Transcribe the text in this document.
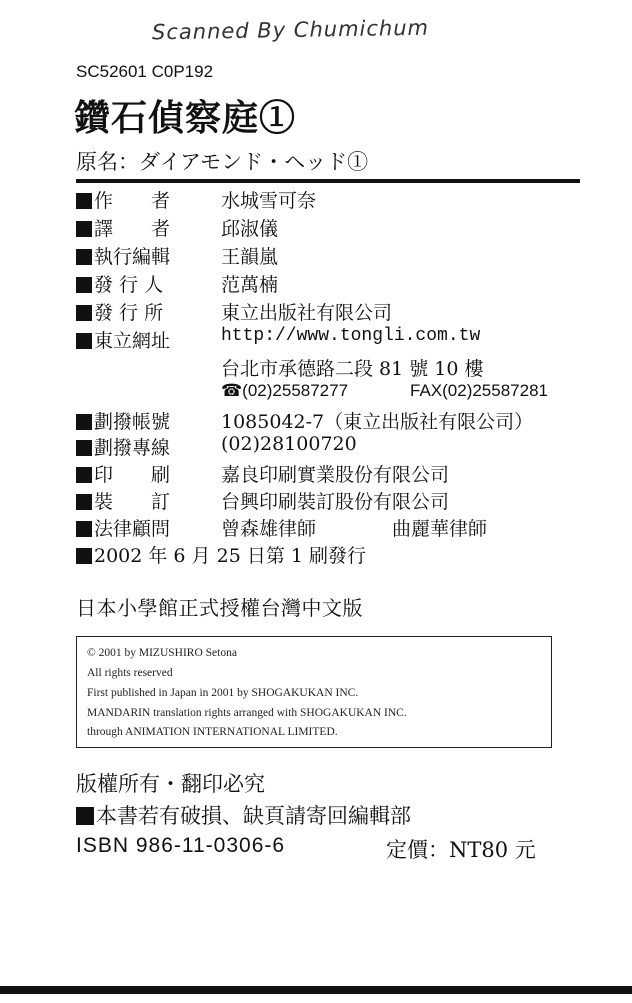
Scanned By Chumichum
SC52601 C0P192
鑽石偵察庭①
原名：ダイアモンド・ヘッド①
作　　者	水城雪可奈
譯　　者	邱淑儀
執行編輯	王韻嵐
發 行 人	范萬楠
發 行 所	東立出版社有限公司
東立網址	http://www.tongli.com.tw
台北市承德路二段 81 號 10 樓
☎(02)25587277	FAX(02)25587281
劃撥帳號	1085042-7（東立出版社有限公司）
劃撥專線	(02)28100720
印　　刷	嘉良印刷實業股份有限公司
裝　　訂	台興印刷裝訂股份有限公司
法律顧問	曾森雄律師	曲麗華律師
2002 年 6 月 25 日第 1 刷發行
日本小學館正式授權台灣中文版
© 2001 by MIZUSHIRO Setona
All rights reserved
First published in Japan in 2001 by SHOGAKUKAN INC.
MANDARIN translation rights arranged with SHOGAKUKAN INC.
through ANIMATION INTERNATIONAL LIMITED.
版權所有・翻印必究
本書若有破損、缺頁請寄回編輯部
ISBN 986-11-0306-6	定價：NT80 元
